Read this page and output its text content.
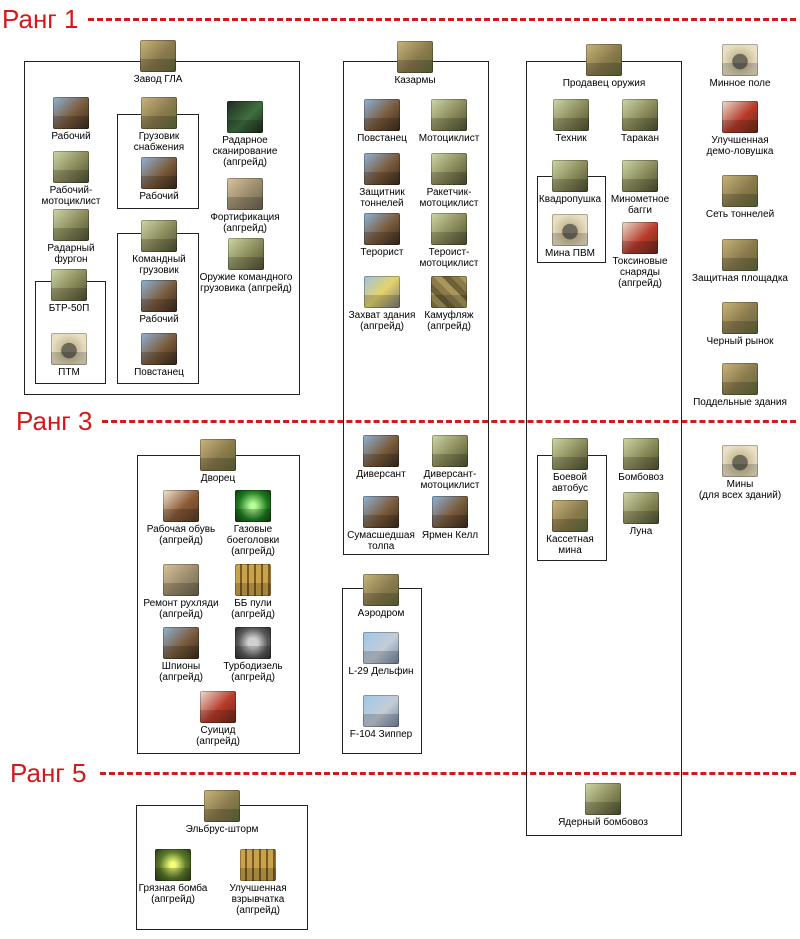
Ранг 1
Ранг 3
Ранг 5
Завод ГЛА
Рабочий
Рабочий-
мотоциклист
Радарный
фургон
БТР-50П
ПТМ
Грузовик
снабжения
Рабочий
Командный
грузовик
Рабочий
Повстанец
Радарное
сканирование
(апгрейд)
Фортификация
(апгрейд)
Оружие командного
грузовика (апгрейд)
Казармы
Повстанец	Мотоциклист
Защитник
тоннелей
Ракетчик-
мотоциклист
Терорист	Тероист-
мотоциклист
Захват здания
(апгрейд)
Камуфляж
(апгрейд)
Диверсант	Диверсант-
мотоциклист
Сумасшедшая
толпа
Ярмен Келл
Аэродром
L-29 Дельфин
F-104 Зиппер
Продавец оружия
Техник	Таракан
Квадропушка
Мина ПВМ
Минометное
багги
Токсиновые
снаряды
(апгрейд)
Боевой
автобус
Кассетная
мина
Бомбовоз
Луна
Ядерный бомбовоз
Дворец
Рабочая обувь
(апгрейд)
Газовые
боеголовки
(апгрейд)
Ремонт рухляди
(апгрейд)
ББ пули
(апгрейд)
Шпионы
(апгрейд)
Турбодизель
(апгрейд)
Суицид
(апгрейд)
Эльбрус-шторм
Грязная бомба
(апгрейд)
Улучшенная
взрывчатка
(апгрейд)
Минное поле
Улучшенная
демо-ловушка
Сеть тоннелей
Защитная площадка
Черный рынок
Поддельные здания
Мины
(для всех зданий)
